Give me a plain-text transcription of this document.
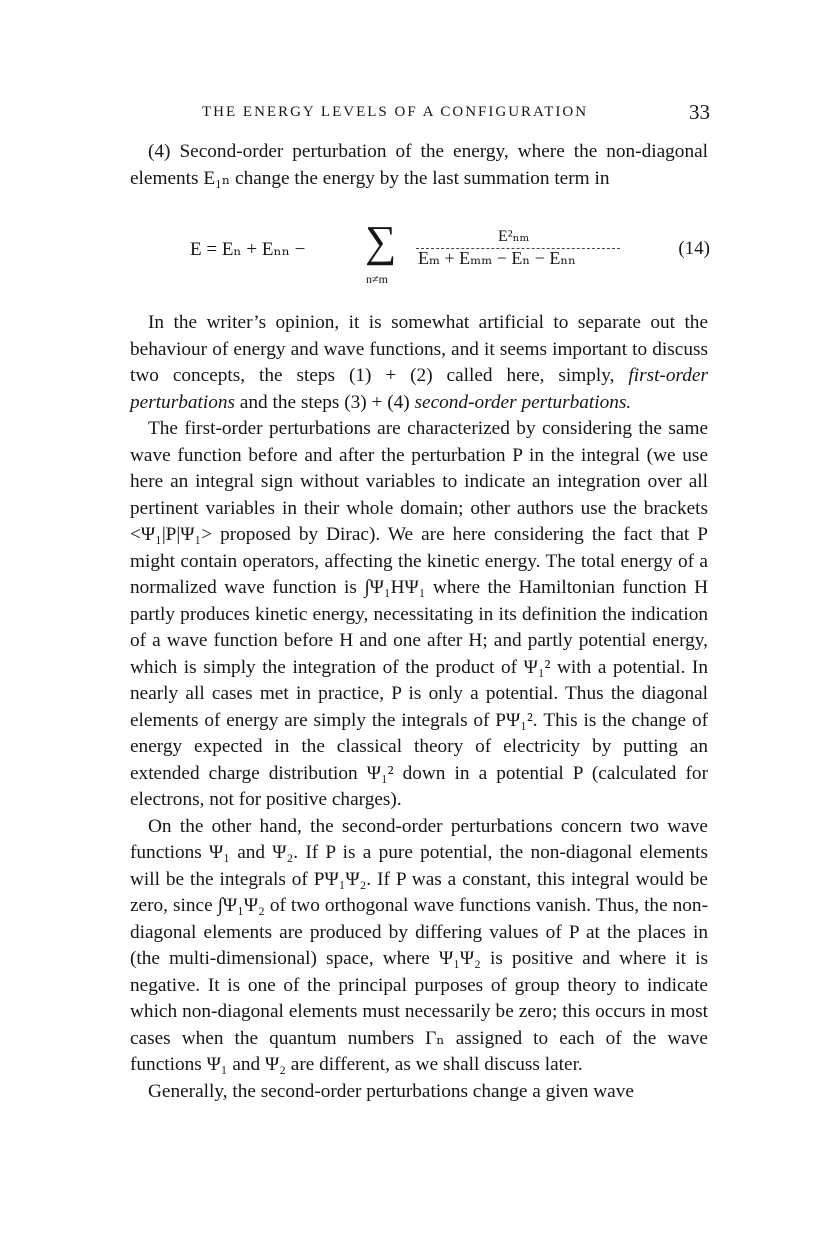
THE ENERGY LEVELS OF A CONFIGURATION	33

(4) Second-order perturbation of the energy, where the non-diagonal elements E₁ₙ change the energy by the last summation term in

E = Eₙ + Eₙₙ − ∑
n≠m
E²ₙₘ
Eₘ + Eₘₘ − Eₙ − Eₙₙ	(14)

In the writer’s opinion, it is somewhat artificial to separate out the behaviour of energy and wave functions, and it seems important to discuss two concepts, the steps (1) + (2) called here, simply, first-order perturbations and the steps (3) + (4) second-order perturbations.

The first-order perturbations are characterized by considering the same wave function before and after the perturbation P in the integral (we use here an integral sign without variables to indicate an integration over all pertinent variables in their whole domain; other authors use the brackets <Ψ₁|P|Ψ₁> proposed by Dirac). We are here considering the fact that P might contain operators, affecting the kinetic energy. The total energy of a normalized wave function is ∫Ψ₁HΨ₁ where the Hamiltonian function H partly produces kinetic energy, necessitating in its definition the indication of a wave function before H and one after H; and partly potential energy, which is simply the integration of the product of Ψ₁² with a potential. In nearly all cases met in practice, P is only a potential. Thus the diagonal elements of energy are simply the integrals of PΨ₁². This is the change of energy expected in the classical theory of electricity by putting an extended charge distribution Ψ₁² down in a potential P (calculated for electrons, not for positive charges).

On the other hand, the second-order perturbations concern two wave functions Ψ₁ and Ψ₂. If P is a pure potential, the non-diagonal elements will be the integrals of PΨ₁Ψ₂. If P was a constant, this integral would be zero, since ∫Ψ₁Ψ₂ of two orthogonal wave functions vanish. Thus, the non-diagonal elements are produced by differing values of P at the places in (the multi-dimensional) space, where Ψ₁Ψ₂ is positive and where it is negative. It is one of the principal purposes of group theory to indicate which non-diagonal elements must necessarily be zero; this occurs in most cases when the quantum numbers Γₙ assigned to each of the wave functions Ψ₁ and Ψ₂ are different, as we shall discuss later.

Generally, the second-order perturbations change a given wave
